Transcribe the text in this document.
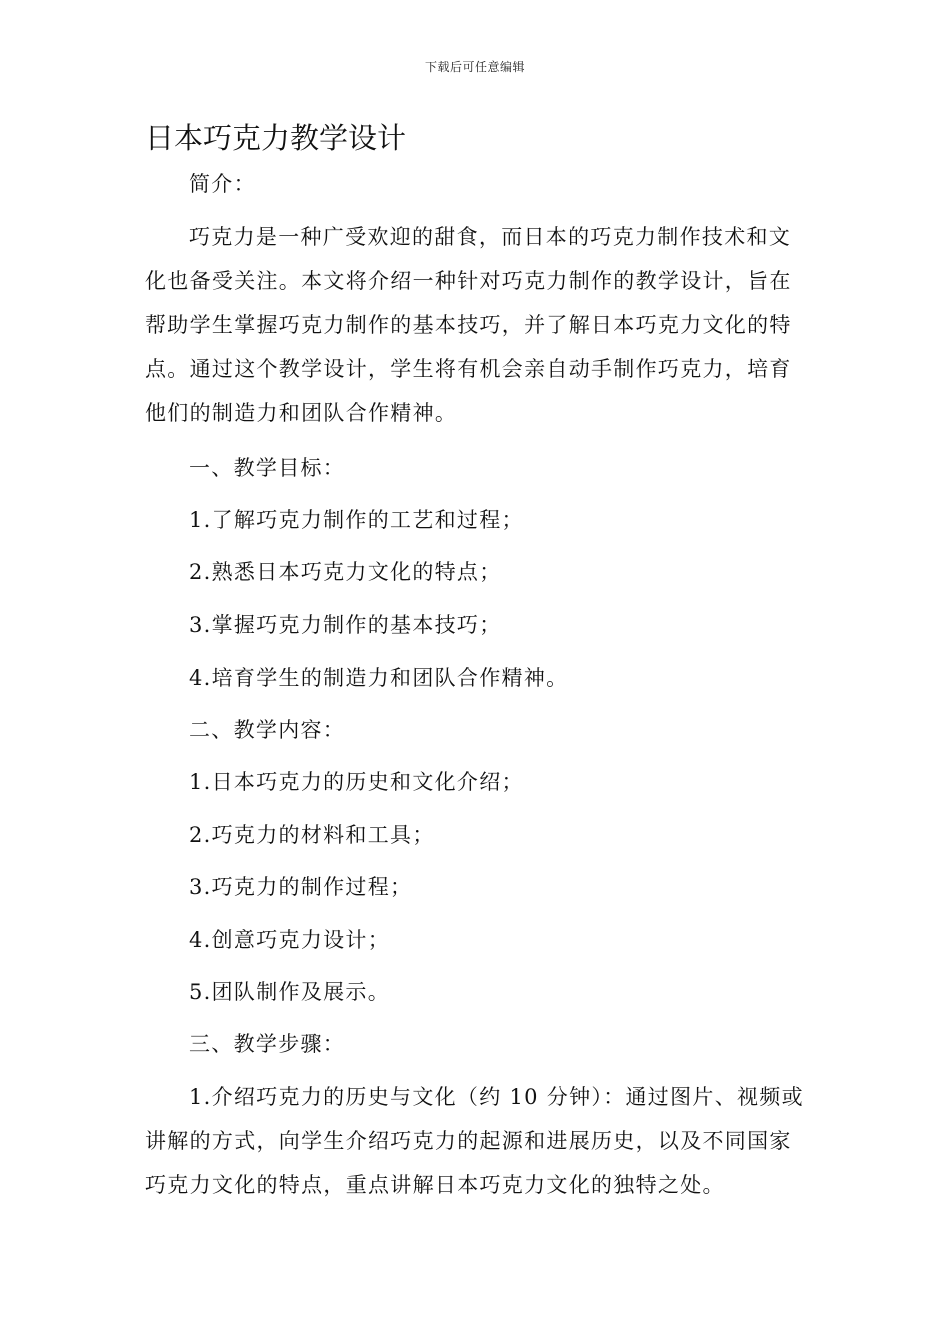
下载后可任意编辑
日本巧克力教学设计
简介：
巧克力是一种广受欢迎的甜食，而日本的巧克力制作技术和文
化也备受关注。本文将介绍一种针对巧克力制作的教学设计，旨在
帮助学生掌握巧克力制作的基本技巧，并了解日本巧克力文化的特
点。通过这个教学设计，学生将有机会亲自动手制作巧克力，培育
他们的制造力和团队合作精神。
一、教学目标：
1.了解巧克力制作的工艺和过程；
2.熟悉日本巧克力文化的特点；
3.掌握巧克力制作的基本技巧；
4.培育学生的制造力和团队合作精神。
二、教学内容：
1.日本巧克力的历史和文化介绍；
2.巧克力的材料和工具；
3.巧克力的制作过程；
4.创意巧克力设计；
5.团队制作及展示。
三、教学步骤：
1.介绍巧克力的历史与文化（约 10 分钟）：通过图片、视频或
讲解的方式，向学生介绍巧克力的起源和进展历史，以及不同国家
巧克力文化的特点，重点讲解日本巧克力文化的独特之处。
